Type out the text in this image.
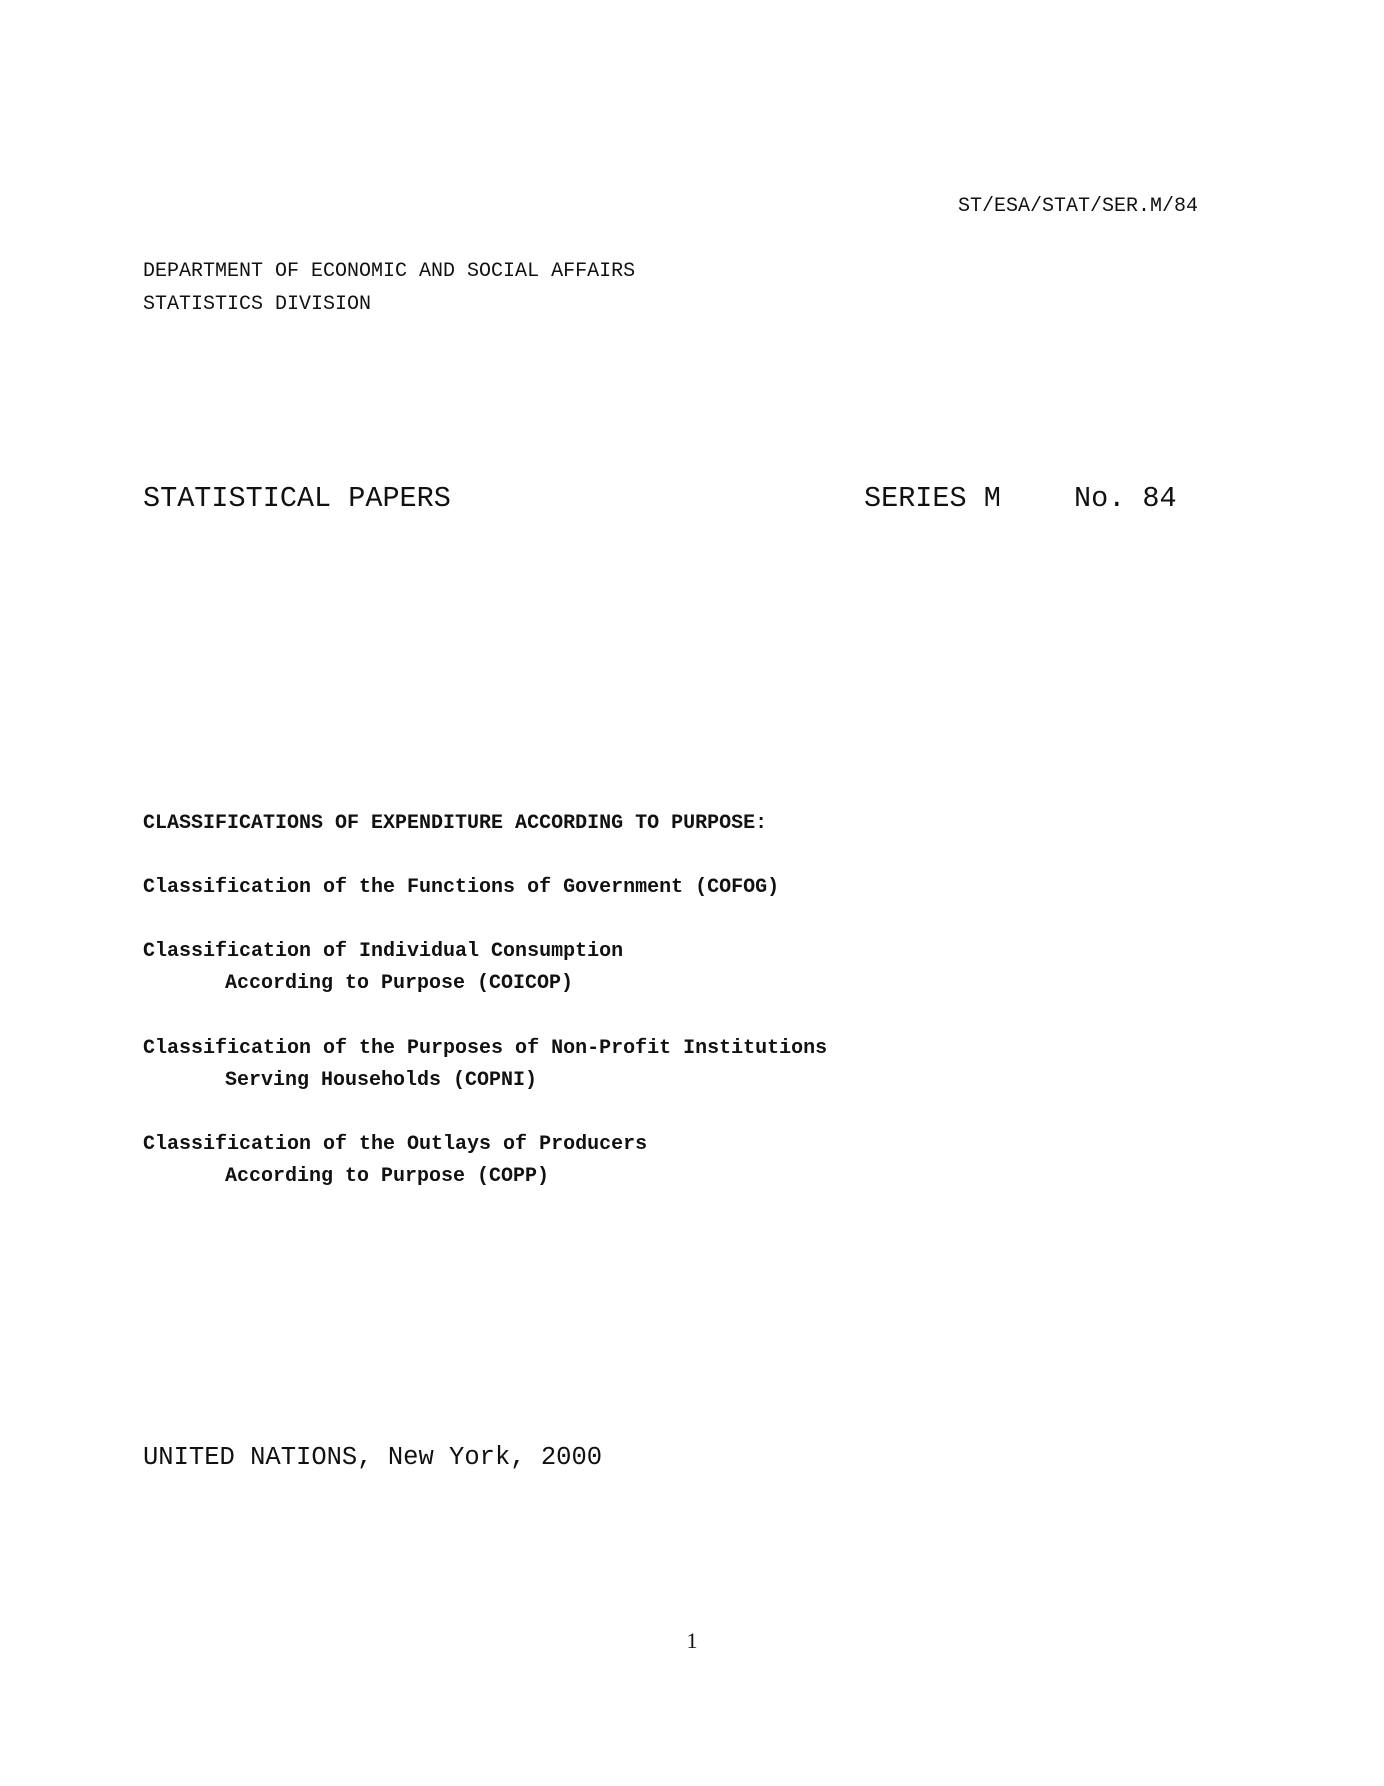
ST/ESA/STAT/SER.M/84
DEPARTMENT OF ECONOMIC AND SOCIAL AFFAIRS
STATISTICS DIVISION
STATISTICAL PAPERS	SERIES M	No. 84
CLASSIFICATIONS OF EXPENDITURE ACCORDING TO PURPOSE:
Classification of the Functions of Government (COFOG)
Classification of Individual Consumption
According to Purpose (COICOP)
Classification of the Purposes of Non-Profit Institutions
Serving Households (COPNI)
Classification of the Outlays of Producers
According to Purpose (COPP)
UNITED NATIONS, New York, 2000
1
